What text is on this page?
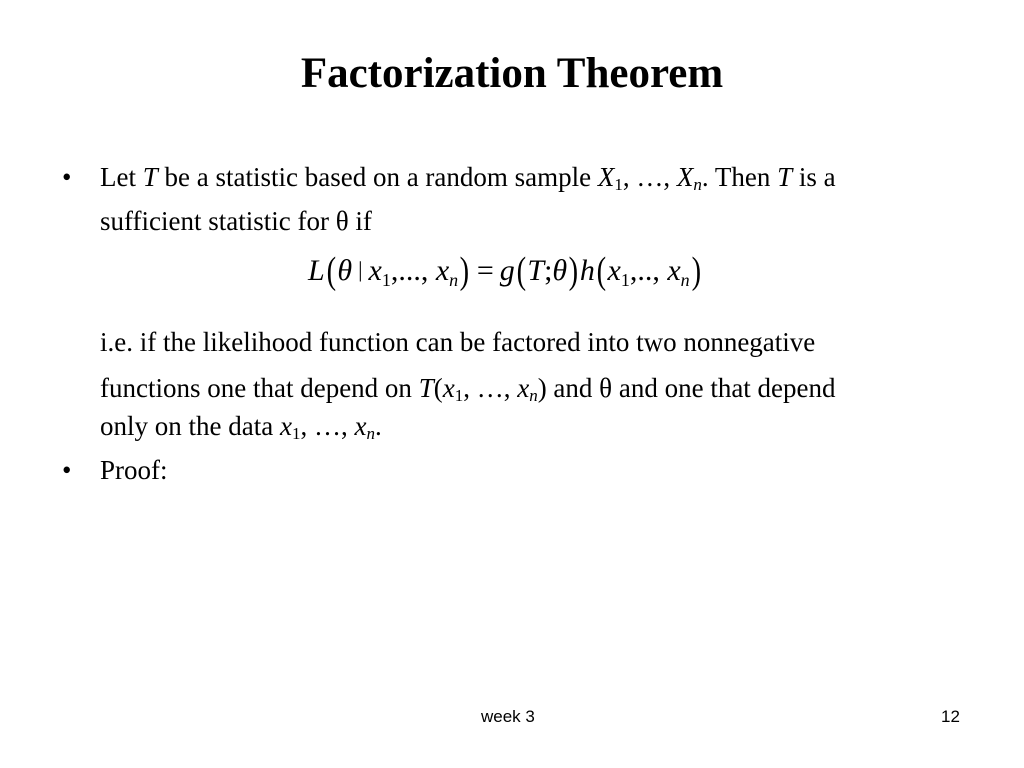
Factorization Theorem
• Let T be a statistic based on a random sample $X_1$, …, $X_n$. Then T is a
sufficient statistic for θ if
L(θ | $x_1$,..., $x_n$) = $g(T;\theta)h(x_1$,.., $x_n$)
i.e. if the likelihood function can be factored into two nonnegative
functions one that depend on $T(x_1$, …, $x_n$) and θ and one that depend
only on the data $x_1$, …, $x_n$.
• Proof:
week 3	12
